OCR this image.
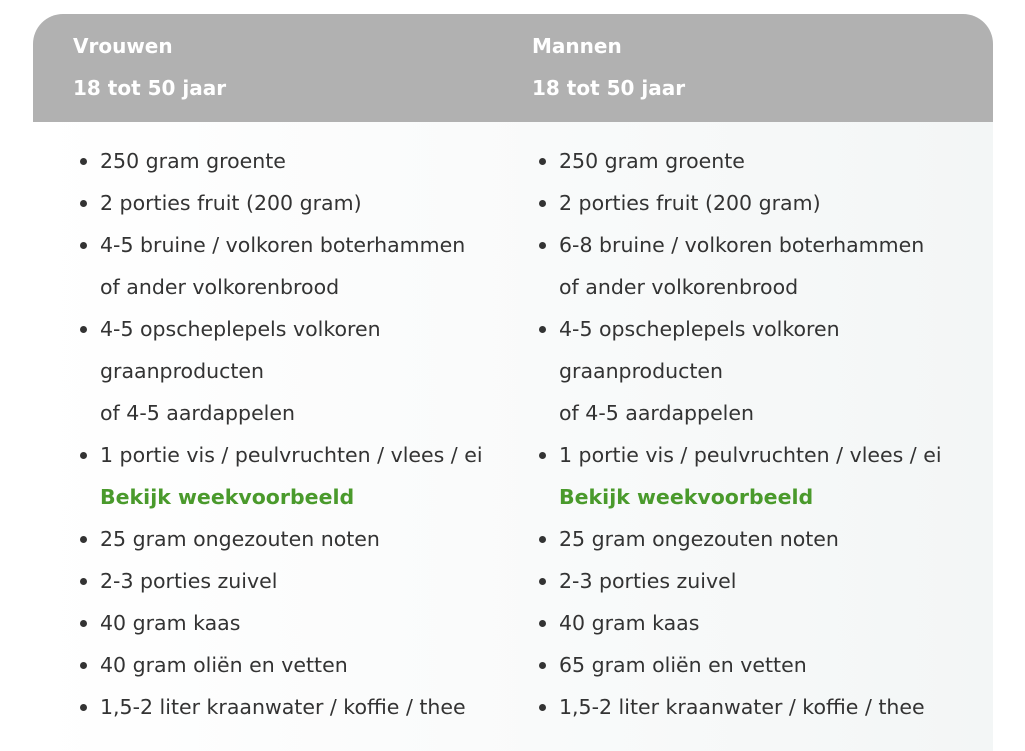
Vrouwen
18 tot 50 jaar
Mannen
18 tot 50 jaar
250 gram groente
2 porties fruit (200 gram)
4-5 bruine / volkoren boterhammen
of ander volkorenbrood
4-5 opscheplepels volkoren
graanproducten
of 4-5 aardappelen
1 portie vis / peulvruchten / vlees / ei
Bekijk weekvoorbeeld
25 gram ongezouten noten
2-3 porties zuivel
40 gram kaas
40 gram oliën en vetten
1,5-2 liter kraanwater / koffie / thee
250 gram groente
2 porties fruit (200 gram)
6-8 bruine / volkoren boterhammen
of ander volkorenbrood
4-5 opscheplepels volkoren
graanproducten
of 4-5 aardappelen
1 portie vis / peulvruchten / vlees / ei
Bekijk weekvoorbeeld
25 gram ongezouten noten
2-3 porties zuivel
40 gram kaas
65 gram oliën en vetten
1,5-2 liter kraanwater / koffie / thee
